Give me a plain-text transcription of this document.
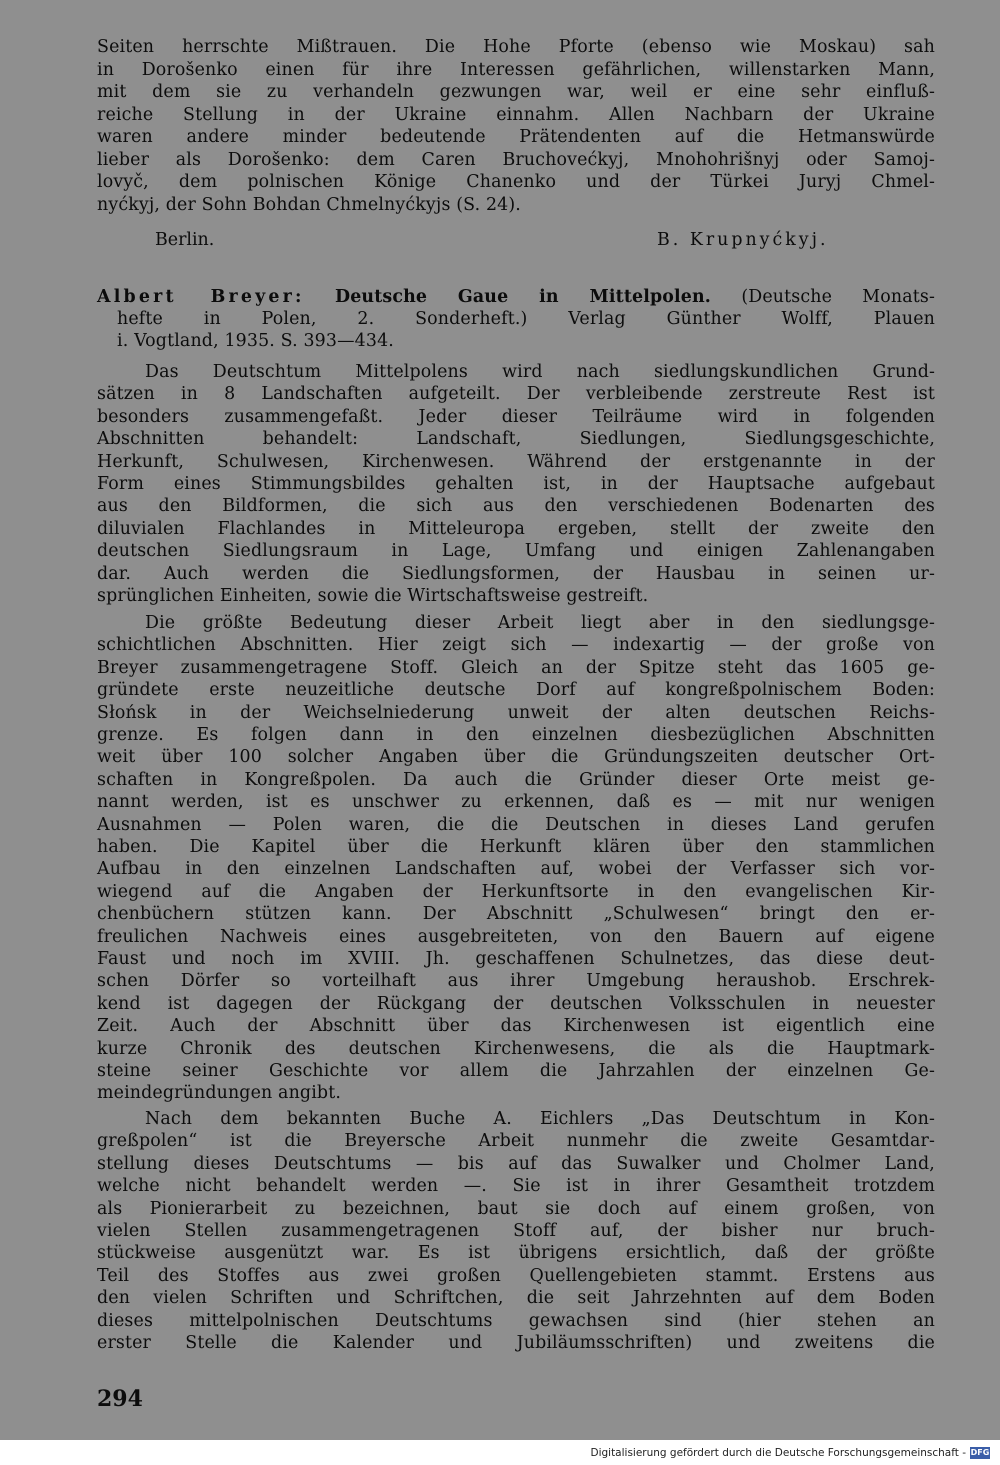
Seiten herrschte Mißtrauen. Die Hohe Pforte (ebenso wie Moskau) sah
in Dorošenko einen für ihre Interessen gefährlichen, willenstarken Mann,
mit dem sie zu verhandeln gezwungen war, weil er eine sehr einfluß-
reiche Stellung in der Ukraine einnahm. Allen Nachbarn der Ukraine
waren andere minder bedeutende Prätendenten auf die Hetmanswürde
lieber als Dorošenko: dem Caren Bruchovećkyj, Mnohohrišnyj oder Samoj-
lovyč, dem polnischen Könige Chanenko und der Türkei Juryj Chmel-
nyćkyj, der Sohn Bohdan Chmelnyćkyjs (S. 24).
Berlin.	B. Krupnyćkyj.
Albert Breyer: Deutsche Gaue in Mittelpolen. (Deutsche Monats-
hefte in Polen, 2. Sonderheft.) Verlag Günther Wolff, Plauen
i. Vogtland, 1935. S. 393—434.
Das Deutschtum Mittelpolens wird nach siedlungskundlichen Grund-
sätzen in 8 Landschaften aufgeteilt. Der verbleibende zerstreute Rest ist
besonders zusammengefaßt. Jeder dieser Teilräume wird in folgenden
Abschnitten behandelt: Landschaft, Siedlungen, Siedlungsgeschichte,
Herkunft, Schulwesen, Kirchenwesen. Während der erstgenannte in der
Form eines Stimmungsbildes gehalten ist, in der Hauptsache aufgebaut
aus den Bildformen, die sich aus den verschiedenen Bodenarten des
diluvialen Flachlandes in Mitteleuropa ergeben, stellt der zweite den
deutschen Siedlungsraum in Lage, Umfang und einigen Zahlenangaben
dar. Auch werden die Siedlungsformen, der Hausbau in seinen ur-
sprünglichen Einheiten, sowie die Wirtschaftsweise gestreift.
Die größte Bedeutung dieser Arbeit liegt aber in den siedlungsge-
schichtlichen Abschnitten. Hier zeigt sich — indexartig — der große von
Breyer zusammengetragene Stoff. Gleich an der Spitze steht das 1605 ge-
gründete erste neuzeitliche deutsche Dorf auf kongreßpolnischem Boden:
Słońsk in der Weichselniederung unweit der alten deutschen Reichs-
grenze. Es folgen dann in den einzelnen diesbezüglichen Abschnitten
weit über 100 solcher Angaben über die Gründungszeiten deutscher Ort-
schaften in Kongreßpolen. Da auch die Gründer dieser Orte meist ge-
nannt werden, ist es unschwer zu erkennen, daß es — mit nur wenigen
Ausnahmen — Polen waren, die die Deutschen in dieses Land gerufen
haben. Die Kapitel über die Herkunft klären über den stammlichen
Aufbau in den einzelnen Landschaften auf, wobei der Verfasser sich vor-
wiegend auf die Angaben der Herkunftsorte in den evangelischen Kir-
chenbüchern stützen kann. Der Abschnitt „Schulwesen“ bringt den er-
freulichen Nachweis eines ausgebreiteten, von den Bauern auf eigene
Faust und noch im XVIII. Jh. geschaffenen Schulnetzes, das diese deut-
schen Dörfer so vorteilhaft aus ihrer Umgebung heraushob. Erschrek-
kend ist dagegen der Rückgang der deutschen Volksschulen in neuester
Zeit. Auch der Abschnitt über das Kirchenwesen ist eigentlich eine
kurze Chronik des deutschen Kirchenwesens, die als die Hauptmark-
steine seiner Geschichte vor allem die Jahrzahlen der einzelnen Ge-
meindegründungen angibt.
Nach dem bekannten Buche A. Eichlers „Das Deutschtum in Kon-
greßpolen“ ist die Breyersche Arbeit nunmehr die zweite Gesamtdar-
stellung dieses Deutschtums — bis auf das Suwalker und Cholmer Land,
welche nicht behandelt werden —. Sie ist in ihrer Gesamtheit trotzdem
als Pionierarbeit zu bezeichnen, baut sie doch auf einem großen, von
vielen Stellen zusammengetragenen Stoff auf, der bisher nur bruch-
stückweise ausgenützt war. Es ist übrigens ersichtlich, daß der größte
Teil des Stoffes aus zwei großen Quellengebieten stammt. Erstens aus
den vielen Schriften und Schriftchen, die seit Jahrzehnten auf dem Boden
dieses mittelpolnischen Deutschtums gewachsen sind (hier stehen an
erster Stelle die Kalender und Jubiläumsschriften) und zweitens die
294
Digitalisierung gefördert durch die Deutsche Forschungsgemeinschaft - DFG
